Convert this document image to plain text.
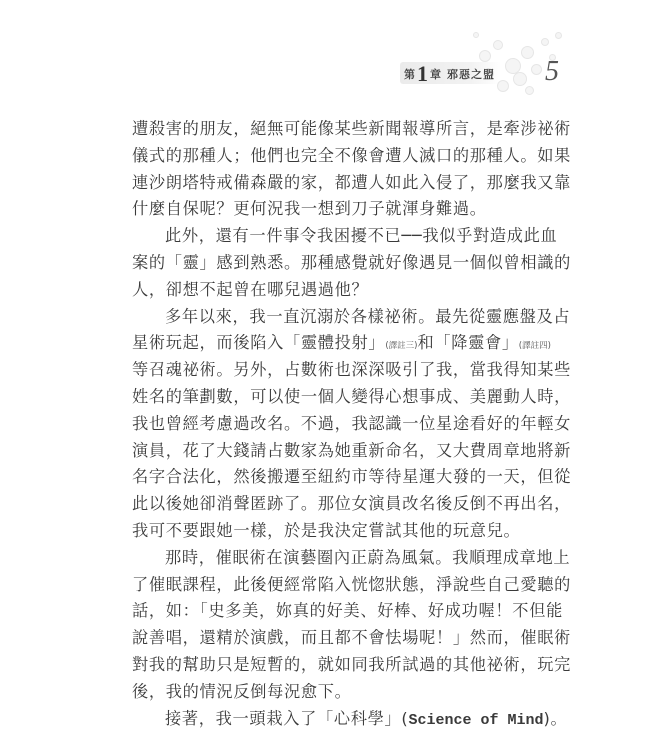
第 1 章 邪惡之盟 5
遭殺害的朋友，絕無可能像某些新聞報導所言，是牽涉祕術
儀式的那種人；他們也完全不像會遭人滅口的那種人。如果
連沙朗塔特戒備森嚴的家，都遭人如此入侵了，那麼我又靠
什麼自保呢？更何況我一想到刀子就渾身難過。
此外，還有一件事令我困擾不已──我似乎對造成此血
案的「靈」感到熟悉。那種感覺就好像遇見一個似曾相識的
人，卻想不起曾在哪兒遇過他？
多年以來，我一直沉溺於各樣祕術。最先從靈應盤及占
星術玩起，而後陷入「靈體投射」(譯註三)和「降靈會」(譯註四)
等召魂祕術。另外，占數術也深深吸引了我，當我得知某些
姓名的筆劃數，可以使一個人變得心想事成、美麗動人時，
我也曾經考慮過改名。不過，我認識一位星途看好的年輕女
演員，花了大錢請占數家為她重新命名，又大費周章地將新
名字合法化，然後搬遷至紐約市等待星運大發的一天，但從
此以後她卻消聲匿跡了。那位女演員改名後反倒不再出名，
我可不要跟她一樣，於是我決定嘗試其他的玩意兒。
那時，催眠術在演藝圈內正蔚為風氣。我順理成章地上
了催眠課程，此後便經常陷入恍惚狀態，淨說些自己愛聽的
話，如：「史多美，妳真的好美、好棒、好成功喔！不但能
說善唱，還精於演戲，而且都不會怯場呢！」然而，催眠術
對我的幫助只是短暫的，就如同我所試過的其他祕術，玩完
後，我的情況反倒每況愈下。
接著，我一頭栽入了「心科學」(Science of Mind)。
